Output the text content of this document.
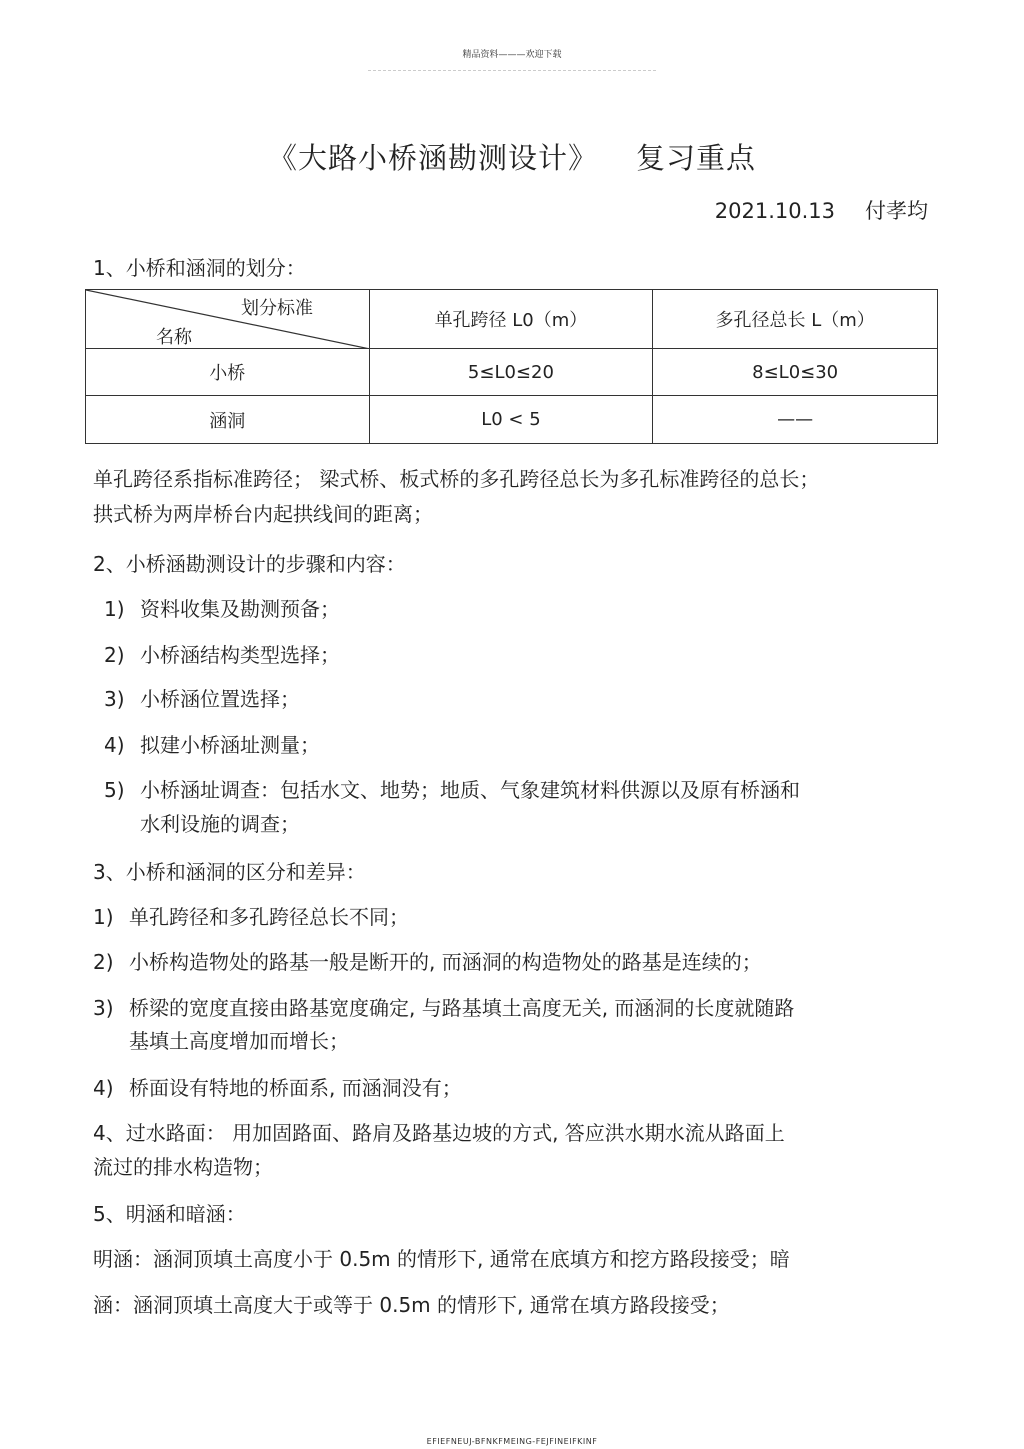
精品资料———欢迎下载
《大路小桥涵勘测设计》 复习重点
2021.10.13 付孝均
1、小桥和涵洞的划分：
划分标准
名称	单孔跨径 L0（m）	多孔径总长 L（m）
小桥	5≤L0≤20	8≤L0≤30
涵洞	L0 < 5	——
单孔跨径系指标准跨径； 梁式桥、板式桥的多孔跨径总长为多孔标准跨径的总长；
拱式桥为两岸桥台内起拱线间的距离；
2、小桥涵勘测设计的步骤和内容：
1) 资料收集及勘测预备；
2) 小桥涵结构类型选择；
3) 小桥涵位置选择；
4) 拟建小桥涵址测量；
5) 小桥涵址调查：包括水文、地势；地质、气象建筑材料供源以及原有桥涵和
水利设施的调查；
3、小桥和涵洞的区分和差异：
1) 单孔跨径和多孔跨径总长不同；
2) 小桥构造物处的路基一般是断开的, 而涵洞的构造物处的路基是连续的；
3) 桥梁的宽度直接由路基宽度确定, 与路基填土高度无关, 而涵洞的长度就随路
基填土高度增加而增长；
4) 桥面设有特地的桥面系, 而涵洞没有；
4、过水路面： 用加固路面、路肩及路基边坡的方式, 答应洪水期水流从路面上
流过的排水构造物；
5、明涵和暗涵：
明涵：涵洞顶填土高度小于 0.5m 的情形下, 通常在底填方和挖方路段接受；暗
涵：涵洞顶填土高度大于或等于 0.5m 的情形下, 通常在填方路段接受；
EFIEFNEUJ-BFNKFMEING-FEJFINEIFKINF
